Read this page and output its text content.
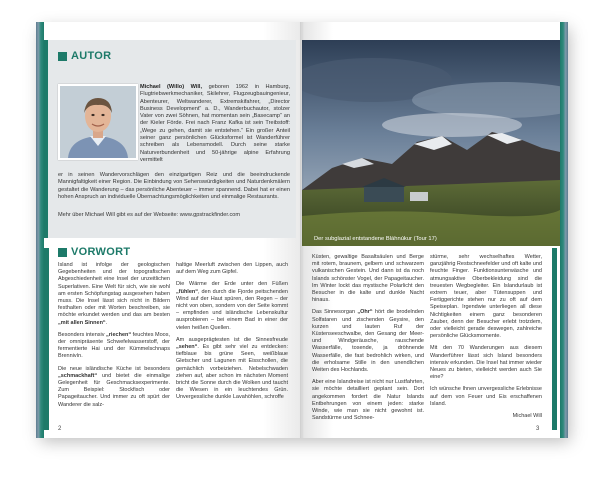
AUTOR
Michael (Willo) Will, geboren 1962 in Hamburg, Flugtriebwerkmechaniker, Skilehrer, Flugzeugbauingenieur, Abenteurer, Weltwanderer, Extremskifahrer, „Director Business Development“ a. D., Wanderbuchautor, stolzer Vater von zwei Söhnen, hat momentan sein „Basecamp“ an der Kieler Förde. Frei nach Franz Kafka ist sein Treibstoff: „Wege zu gehen, damit sie entstehen.“ Ein großer Anteil seiner ganz persönlichen Glücksformel ist Wanderführer schreiben als Lebensmodell. Durch seine starke Naturverbundenheit und 50-jährige alpine Erfahrung vermittelt
er in seinen Wandervorschlägen den einzigartigen Reiz und die beeindruckende Mannigfaltigkeit einer Region. Die Einbindung von Sehenswürdigkeiten und Naturdenkmälern gestaltet die Wanderung – das persönliche Abenteuer – immer spannend. Dabei hat er einen hohen Anspruch an individuelle Übernachtungsmöglichkeiten und einmalige Restaurants.
Mehr über Michael Will gibt es auf der Webseite: www.gpstrackfinder.com
VORWORT

Island ist infolge der geologischen Gegebenheiten und der topografischen Abgeschiedenheit eine Insel der unzeitlichen Superlativen. Eine Welt für sich, wie sie wohl am ersten Schöpfungstag ausgesehen haben muss. Die Insel lässt sich nicht in Bildern festhalten oder mit Worten beschreiben, sie möchte erkundet werden und das am besten „mit allen Sinnen“.

Besonders intensiv „riechen“ feuchtes Moos, der omnipräsente Schwefelwasserstoff, der fermentierte Hai und der Kümmelschnaps Brennivín.

Die neue isländische Küche ist besonders „schmackhaft“ und bietet die einmalige Gelegenheit für Geschmacksexperimente. Zum Beispiel: Stockfisch oder Papageitaucher. Und immer zu oft spürt der Wanderer die salz-

haltige Meerluft zwischen den Lippen, auch auf dem Weg zum Gipfel.

Die Wärme der Erde unter den Füßen „fühlen“, den durch die Fjorde peitschenden Wind auf der Haut spüren, den Regen – der nicht von oben, sondern von der Seite kommt – empfinden und isländische Lebenskultur ausprobieren – bei einem Bad in einer der vielen heißen Quellen.

Am ausgeprägtesten ist die Sinnesfreude „sehen“. Es gibt sehr viel zu entdecken: tiefblaue bis grüne Seen, weißblaue Gletscher und Lagunen mit Eisschollen, die gemächlich vorbeiziehen. Nebelschwaden ziehen auf, aber schon im nächsten Moment bricht die Sonne durch die Wolken und taucht die Wiesen in ein leuchtendes Grün. Unvergessliche dunkle Lavahöhlen, schroffe

2
Der subglazial entstandene Bláhnúkur (Tour 17)

Küsten, gewaltige Basaltsäulen und Berge mit rotem, braunem, gelbem und schwarzem vulkanischen Gestein. Und dann ist da noch Islands schönster Vogel, der Papageitaucher. Im Winter lockt das mystische Polarlicht den Besucher in die kalte und dunkle Nacht hinaus.

Das Sinnesorgan „Ohr“ hört die brodelnden Solfataren und zischenden Geysire, den kurzen und lauten Ruf der Küstenseeschwalbe, den Gesang der Meer- und Windgeräusche, rauschende Wasserfälle, tosende, ja dröhnende Wasserfälle, die fast bedrohlich wirken, und die erholsame Stille in den unendlichen Weiten des Hochlands.

Aber eine Islandreise ist nicht nur Lustfahrten, sie möchte detailliert geplant sein. Dort angekommen fordert die Natur Islands Entbehrungen von einem jeden: starke Winde, wie man sie nicht gewohnt ist. Sandstürme und Schnee-

stürme, sehr wechselhaftes Wetter, ganzjährig Restschneefelder und oft kalte und feuchte Finger. Funktionsunterwäsche und atmungsaktive Oberbekleidung sind die treuesten Wegbegleiter. Ein Islandurlaub ist extrem teuer, aber Tütensuppen und Fertiggerichte stehen nur zu oft auf dem Speiseplan. Irgendwie unterliegen all diese Nichtigkeiten einem ganz besonderen Zauber, denn der Besucher erlebt trotzdem, oder vielleicht gerade deswegen, zahlreiche persönliche Glücksmomente.

Mit den 70 Wanderungen aus diesem Wanderführer lässt sich Island besonders intensiv erkunden. Die Insel hat immer wieder Neues zu bieten, vielleicht werden auch Sie eine?

Ich wünsche Ihnen unvergessliche Erlebnisse auf dem von Feuer und Eis erschaffenen Island.

Michael Will

3
